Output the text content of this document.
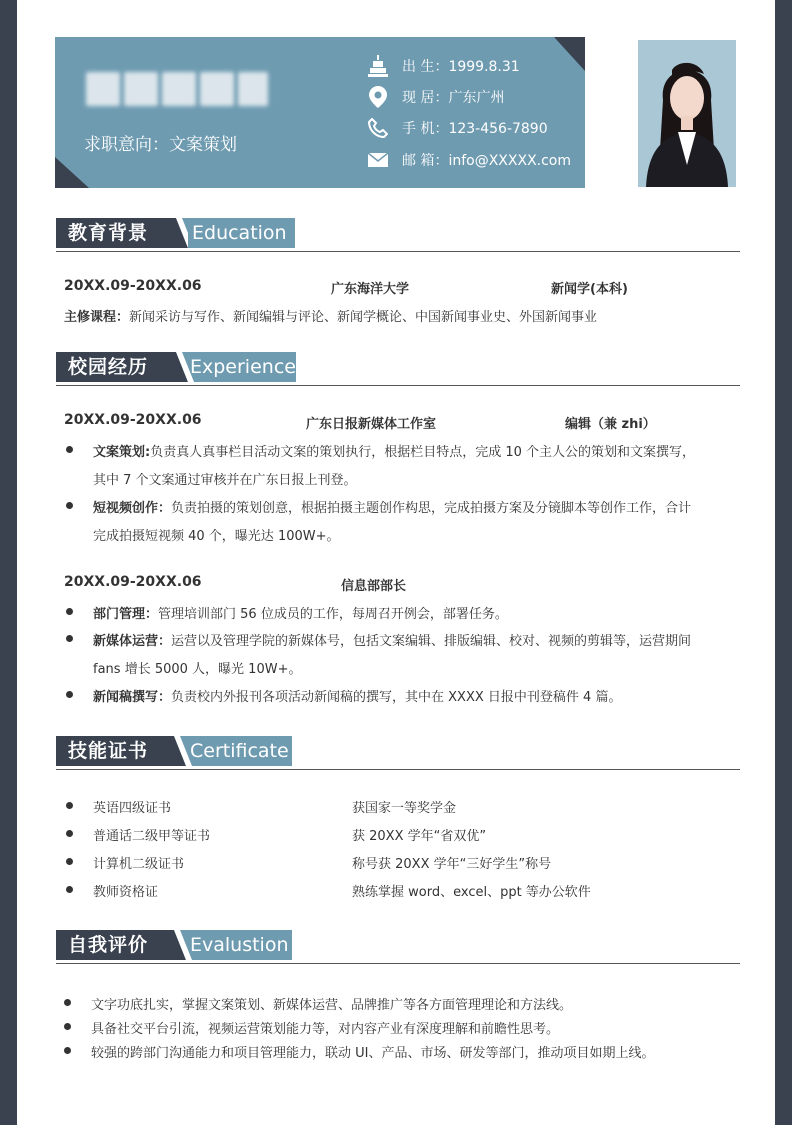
求职意向：文案策划
出 生：1999.8.31
现 居：广东广州
手 机：123-456-7890
邮 箱：info@XXXXX.com
Education
教育背景
20XX.09-20XX.06	广东海洋大学	新闻学(本科)
主修课程：新闻采访与写作、新闻编辑与评论、新闻学概论、中国新闻事业史、外国新闻事业
Experience
校园经历
20XX.09-20XX.06	广东日报新媒体工作室	编辑（兼 zhi）
文案策划:负责真人真事栏目活动文案的策划执行，根据栏目特点，完成 10 个主人公的策划和文案撰写，
其中 7 个文案通过审核并在广东日报上刊登。
短视频创作：负责拍摄的策划创意，根据拍摄主题创作构思，完成拍摄方案及分镜脚本等创作工作，合计
完成拍摄短视频 40 个，曝光达 100W+。
20XX.09-20XX.06	信息部部长
部门管理：管理培训部门 56 位成员的工作，每周召开例会，部署任务。
新媒体运营：运营以及管理学院的新媒体号，包括文案编辑、排版编辑、校对、视频的剪辑等，运营期间
fans 增长 5000 人，曝光 10W+。
新闻稿撰写：负责校内外报刊各项活动新闻稿的撰写，其中在 XXXX 日报中刊登稿件 4 篇。
Certificate
技能证书
英语四级证书	获国家一等奖学金
普通话二级甲等证书	获 20XX 学年“省双优”
计算机二级证书	称号获 20XX 学年“三好学生”称号
教师资格证	熟练掌握 word、excel、ppt 等办公软件
Evalustion
自我评价
文字功底扎实，掌握文案策划、新媒体运营、品牌推广等各方面管理理论和方法线。
具备社交平台引流，视频运营策划能力等，对内容产业有深度理解和前瞻性思考。
较强的跨部门沟通能力和项目管理能力，联动 UI、产品、市场、研发等部门，推动项目如期上线。
